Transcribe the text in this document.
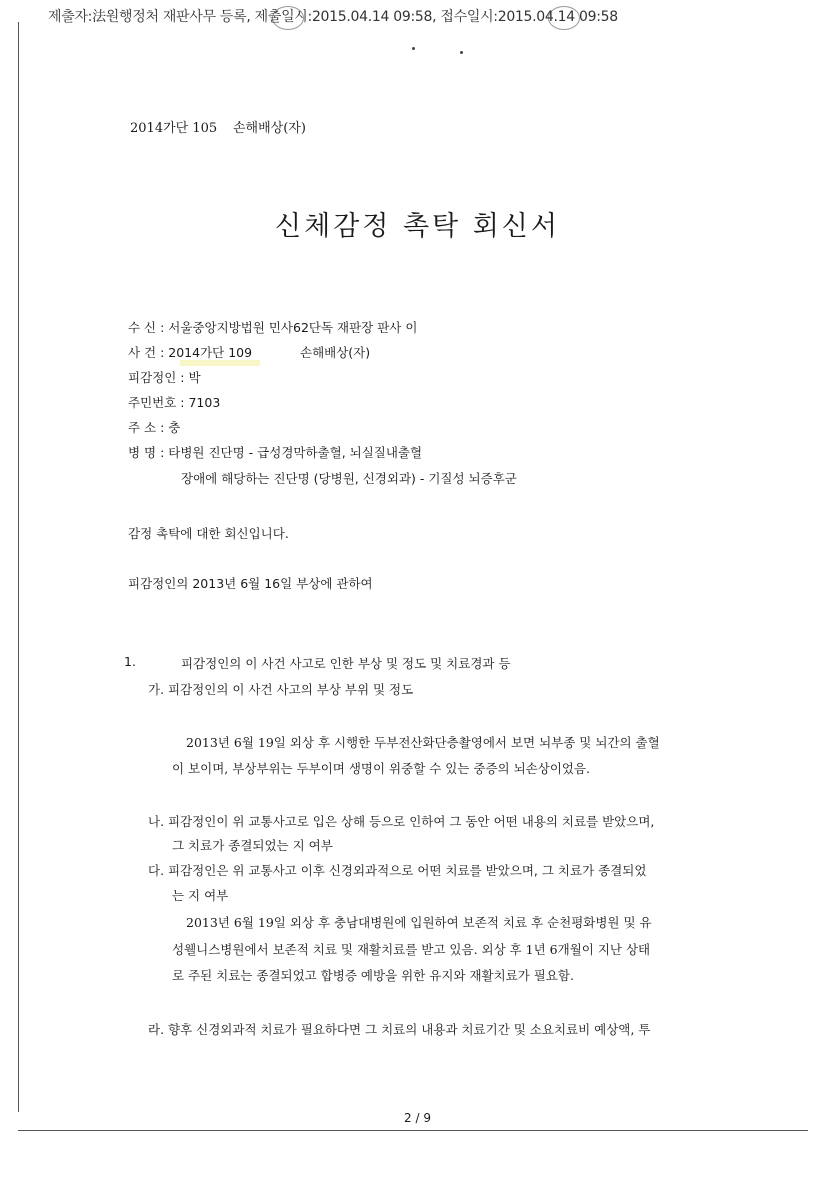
제출자:法원행정처 재판사무 등록, 제출일시:2015.04.14 09:58, 접수일시:2015.04.14 09:58
2014가단 105 손해배상(자)
신체감정 촉탁 회신서
수 신 : 서울중앙지방법원 민사62단독 재판장 판사 이
사 건 : 2014가단 109	손해배상(자)
피감정인 : 박
주민번호 : 7103
주 소 : 충
병 명 : 타병원 진단명 - 급성경막하출혈, 뇌실질내출혈
장애에 해당하는 진단명 (당병원, 신경외과) - 기질성 뇌증후군
감정 촉탁에 대한 회신입니다.
피감정인의 2013년 6월 16일 부상에 관하여
1.	피감정인의 이 사건 사고로 인한 부상 및 정도 및 치료경과 등
가. 피감정인의 이 사건 사고의 부상 부위 및 정도
2013년 6월 19일 외상 후 시행한 두부전산화단층촬영에서 보면 뇌부종 및 뇌간의 출혈
이 보이며, 부상부위는 두부이며 생명이 위중할 수 있는 중증의 뇌손상이었음.
나. 피감정인이 위 교통사고로 입은 상해 등으로 인하여 그 동안 어떤 내용의 치료를 받았으며,
그 치료가 종결되었는 지 여부
다. 피감정인은 위 교통사고 이후 신경외과적으로 어떤 치료를 받았으며, 그 치료가 종결되었
는 지 여부
2013년 6월 19일 외상 후 충남대병원에 입원하여 보존적 치료 후 순천평화병원 및 유
성웰니스병원에서 보존적 치료 및 재활치료를 받고 있음. 외상 후 1년 6개월이 지난 상태
로 주된 치료는 종결되었고 합병증 예방을 위한 유지와 재활치료가 필요함.
라. 향후 신경외과적 치료가 필요하다면 그 치료의 내용과 치료기간 및 소요치료비 예상액, 투
2 / 9
